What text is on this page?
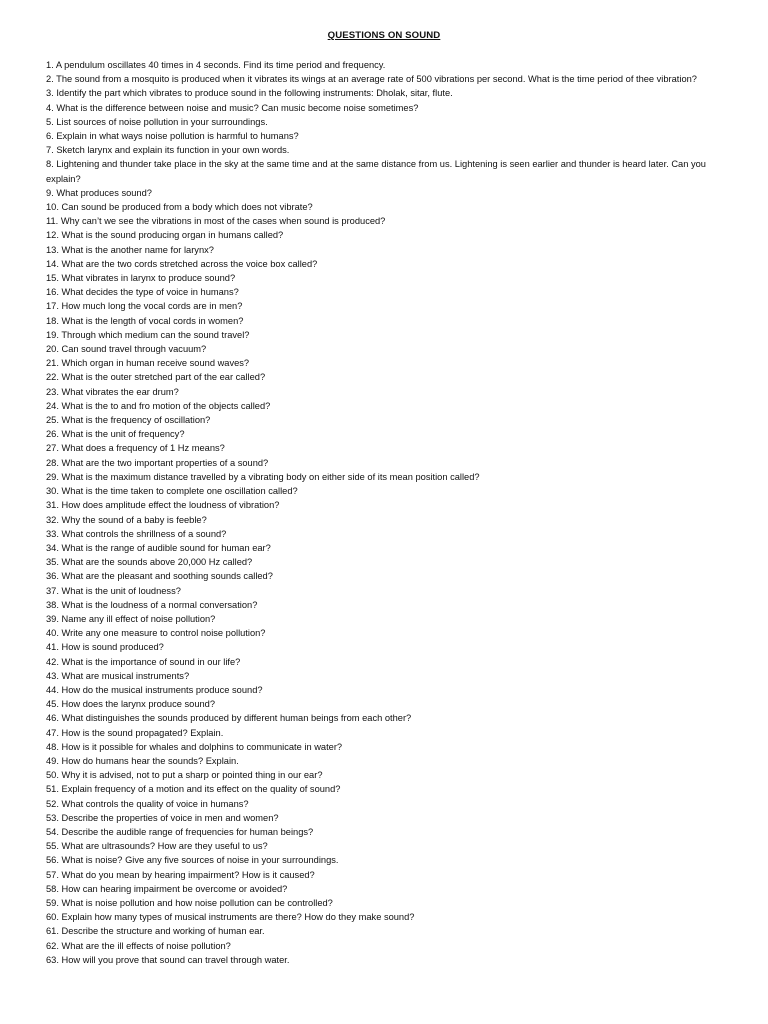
QUESTIONS ON SOUND
1. A pendulum oscillates 40 times in 4 seconds. Find its time period and frequency.
2. The sound from a mosquito is produced when it vibrates its wings at an average rate of 500 vibrations per second. What is the time period of thee vibration?
3. Identify the part which vibrates to produce sound in the following instruments: Dholak, sitar, flute.
4. What is the difference between noise and music? Can music become noise sometimes?
5. List sources of noise pollution in your surroundings.
6. Explain in what ways noise pollution is harmful to humans?
7. Sketch larynx and explain its function in your own words.
8. Lightening and thunder take place in the sky at the same time and at the same distance from us. Lightening is seen earlier and thunder is heard later. Can you explain?
9. What produces sound?
10. Can sound be produced from a body which does not vibrate?
11. Why can’t we see the vibrations in most of the cases when sound is produced?
12. What is the sound producing organ in humans called?
13. What is the another name for larynx?
14. What are the two cords stretched across the voice box called?
15. What vibrates in larynx to produce sound?
16. What decides the type of voice in humans?
17. How much long the vocal cords are in men?
18. What is the length of vocal cords in women?
19. Through which medium can the sound travel?
20. Can sound travel through vacuum?
21. Which organ in human receive sound waves?
22. What is the outer stretched part of the ear called?
23. What vibrates the ear drum?
24. What is the to and fro motion of the objects called?
25. What is the frequency of oscillation?
26. What is the unit of frequency?
27. What does a frequency of 1 Hz means?
28. What are the two important properties of a sound?
29. What is the maximum distance travelled by a vibrating body on either side of its mean position called?
30. What is the time taken to complete one oscillation called?
31. How does amplitude effect the loudness of vibration?
32. Why the sound of a baby is feeble?
33. What controls the shrillness of a sound?
34. What is the range of audible sound for human ear?
35. What are the sounds above 20,000 Hz called?
36. What are the pleasant and soothing sounds called?
37. What is the unit of loudness?
38. What is the loudness of a normal conversation?
39. Name any ill effect of noise pollution?
40. Write any one measure to control noise pollution?
41. How is sound produced?
42. What is the importance of sound in our life?
43. What are musical instruments?
44. How do the musical instruments produce sound?
45. How does the larynx produce sound?
46. What distinguishes the sounds produced by different human beings from each other?
47. How is the sound propagated? Explain.
48. How is it possible for whales and dolphins to communicate in water?
49. How do humans hear the sounds? Explain.
50. Why it is advised, not to put a sharp or pointed thing in our ear?
51. Explain frequency of a motion and its effect on the quality of sound?
52. What controls the quality of voice in humans?
53. Describe the properties of voice in men and women?
54. Describe the audible range of frequencies for human beings?
55. What are ultrasounds? How are they useful to us?
56. What is noise? Give any five sources of noise in your surroundings.
57. What do you mean by hearing impairment? How is it caused?
58. How can hearing impairment be overcome or avoided?
59. What is noise pollution and how noise pollution can be controlled?
60. Explain how many types of musical instruments are there? How do they make sound?
61. Describe the structure and working of human ear.
62. What are the ill effects of noise pollution?
63. How will you prove that sound can travel through water.
